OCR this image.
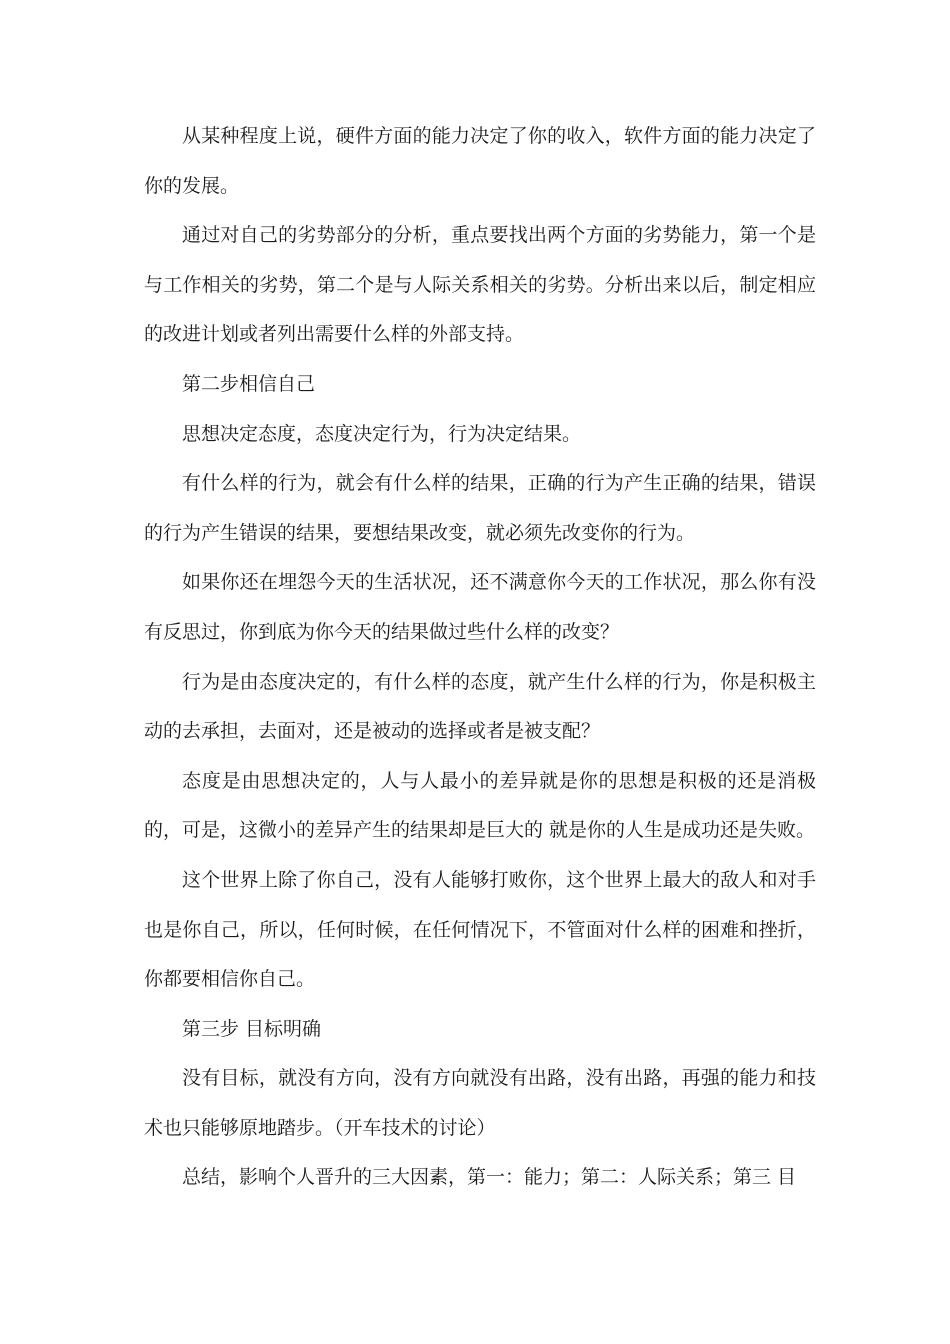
从某种程度上说，硬件方面的能力决定了你的收入，软件方面的能力决定了你的发展。

通过对自己的劣势部分的分析，重点要找出两个方面的劣势能力，第一个是与工作相关的劣势，第二个是与人际关系相关的劣势。分析出来以后，制定相应的改进计划或者列出需要什么样的外部支持。

第二步相信自己

思想决定态度，态度决定行为，行为决定结果。

有什么样的行为，就会有什么样的结果，正确的行为产生正确的结果，错误的行为产生错误的结果，要想结果改变，就必须先改变你的行为。

如果你还在埋怨今天的生活状况，还不满意你今天的工作状况，那么你有没有反思过，你到底为你今天的结果做过些什么样的改变？

行为是由态度决定的，有什么样的态度，就产生什么样的行为，你是积极主动的去承担，去面对，还是被动的选择或者是被支配？

态度是由思想决定的，人与人最小的差异就是你的思想是积极的还是消极的，可是，这微小的差异产生的结果却是巨大的 就是你的人生是成功还是失败。

这个世界上除了你自己，没有人能够打败你，这个世界上最大的敌人和对手也是你自己，所以，任何时候，在任何情况下，不管面对什么样的困难和挫折，你都要相信你自己。

第三步 目标明确

没有目标，就没有方向，没有方向就没有出路，没有出路，再强的能力和技术也只能够原地踏步。（开车技术的讨论）

总结，影响个人晋升的三大因素，第一：能力；第二：人际关系；第三 目
